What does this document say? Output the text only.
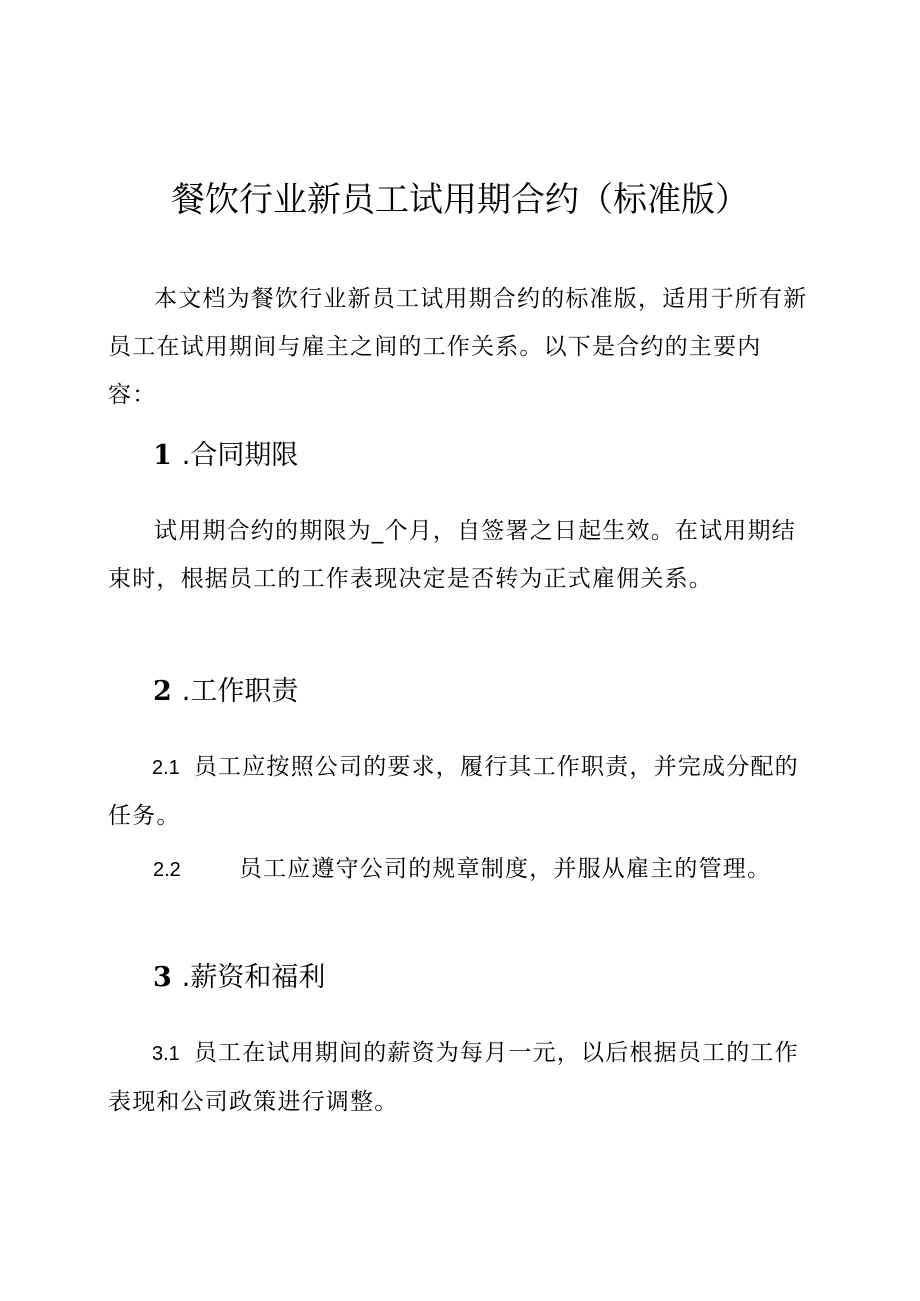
餐饮行业新员工试用期合约（标准版）

本文档为餐饮行业新员工试用期合约的标准版，适用于所有新员工在试用期间与雇主之间的工作关系。以下是合约的主要内容：

1 .合同期限

试用期合约的期限为_个月，自签署之日起生效。在试用期结束时，根据员工的工作表现决定是否转为正式雇佣关系。

2 .工作职责

2.1 员工应按照公司的要求，履行其工作职责，并完成分配的任务。

2.2	员工应遵守公司的规章制度，并服从雇主的管理。
3 .薪资和福利

3.1 员工在试用期间的薪资为每月一元，以后根据员工的工作表现和公司政策进行调整。
